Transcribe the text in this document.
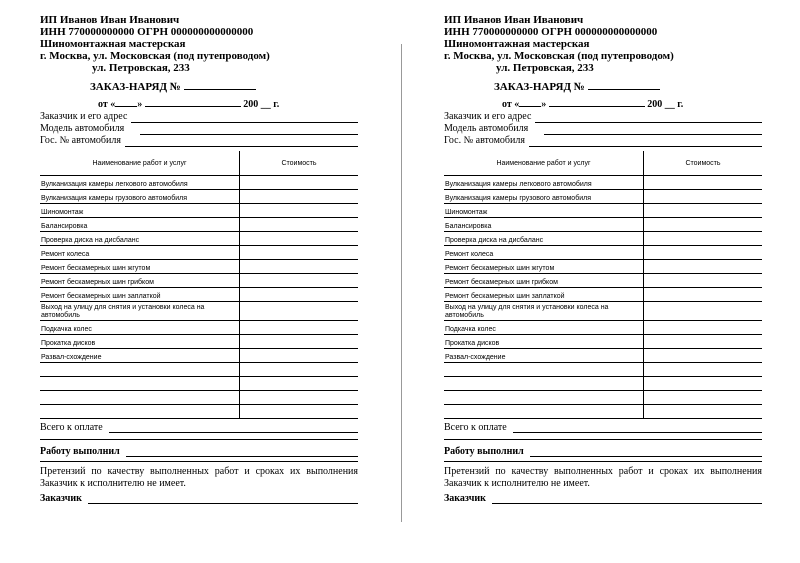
ИП Иванов Иван Иванович
ИНН 770000000000 ОГРН 000000000000000
Шиномонтажная мастерская
г. Москва, ул. Московская (под путепроводом)
ул. Петровская, 233
ЗАКАЗ-НАРЯД №
от « »	200 __ г.
Заказчик и его адрес
Модель автомобиля
Гос. № автомобиля
Наименование работ и услуг	Стоимость
Вулканизация камеры легкового автомобиля	
Вулканизация камеры грузового автомобиля	
Шиномонтаж	
Балансировка	
Проверка диска на дисбаланс	
Ремонт колеса	
Ремонт бескамерных шин жгутом	
Ремонт бескамерных шин грибком	
Ремонт бескамерных шин заплаткой	
Выход на улицу для снятия и установки колеса на автомобиль	
Подкачка колес	
Прокатка дисков	
Развал-схождение	

Всего к оплате
Работу выполнил
Претензий по качеству выполненных работ и сроках их выполнения Заказчик к исполнителю не имеет.
Заказчик
ИП Иванов Иван Иванович
ИНН 770000000000 ОГРН 000000000000000
Шиномонтажная мастерская
г. Москва, ул. Московская (под путепроводом)
ул. Петровская, 233
ЗАКАЗ-НАРЯД №
от « »	200 __ г.
Заказчик и его адрес
Модель автомобиля
Гос. № автомобиля
Наименование работ и услуг	Стоимость
Вулканизация камеры легкового автомобиля	
Вулканизация камеры грузового автомобиля	
Шиномонтаж	
Балансировка	
Проверка диска на дисбаланс	
Ремонт колеса	
Ремонт бескамерных шин жгутом	
Ремонт бескамерных шин грибком	
Ремонт бескамерных шин заплаткой	
Выход на улицу для снятия и установки колеса на автомобиль	
Подкачка колес	
Прокатка дисков	
Развал-схождение	

Всего к оплате
Работу выполнил
Претензий по качеству выполненных работ и сроках их выполнения Заказчик к исполнителю не имеет.
Заказчик
